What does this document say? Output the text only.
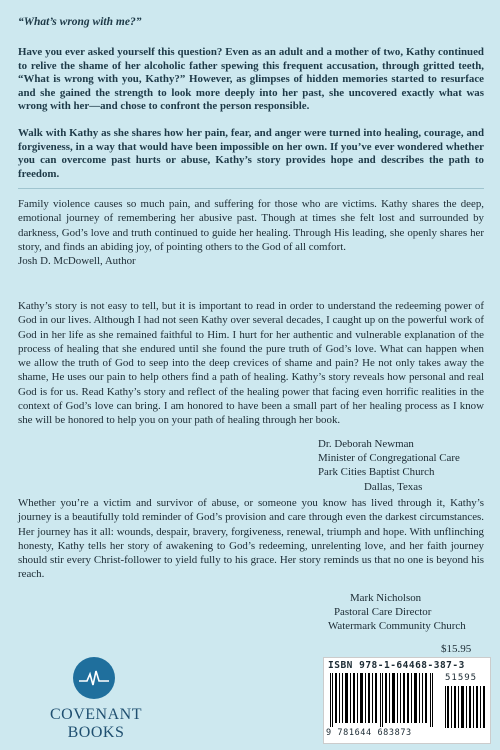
“What’s wrong with me?”

Have you ever asked yourself this question? Even as an adult and a mother of two, Kathy continued to relive the shame of her alcoholic father spewing this frequent accusation, through gritted teeth, “What is wrong with you, Kathy?” However, as glimpses of hidden memories started to resurface and she gained the strength to look more deeply into her past, she uncovered exactly what was wrong with her—and chose to confront the person responsible.

Walk with Kathy as she shares how her pain, fear, and anger were turned into healing, courage, and forgiveness, in a way that would have been impossible on her own. If you’ve ever wondered whether you can overcome past hurts or abuse, Kathy’s story provides hope and describes the path to freedom.

Family violence causes so much pain, and suffering for those who are victims. Kathy shares the deep, emotional journey of remembering her abusive past. Though at times she felt lost and surrounded by darkness, God’s love and truth continued to guide her healing. Through His leading, she openly shares her story, and finds an abiding joy, of pointing others to the God of all comfort.

Josh D. McDowell, Author

Kathy’s story is not easy to tell, but it is important to read in order to understand the redeeming power of God in our lives. Although I had not seen Kathy over several decades, I caught up on the powerful work of God in her life as she remained faithful to Him. I hurt for her authentic and vulnerable explanation of the process of healing that she endured until she found the pure truth of God’s love. What can happen when we allow the truth of God to seep into the deep crevices of shame and pain? He not only takes away the shame, He uses our pain to help others find a path of healing. Kathy’s story reveals how personal and real God is for us. Read Kathy’s story and reflect of the healing power that facing even horrific realities in the context of God’s love can bring. I am honored to have been a small part of her healing process as I know she will be honored to help you on your path of healing through her book.

Dr. Deborah Newman
Minister of Congregational Care
Park Cities Baptist Church
Dallas, Texas

Whether you’re a victim and survivor of abuse, or someone you know has lived through it, Kathy’s journey is a beautifully told reminder of God’s provision and care through even the darkest circumstances. Her journey has it all: wounds, despair, bravery, forgiveness, renewal, triumph and hope. With unflinching honesty, Kathy tells her story of awakening to God’s redeeming, unrelenting love, and her faith journey should stir every Christ-follower to yield fully to his grace. Her story reminds us that no one is beyond his reach.

Mark Nicholson
Pastoral Care Director
Watermark Community Church
$15.95
ISBN 978-1-64468-387-3
51595
9 781644 683873
COVENANT BOOKS
